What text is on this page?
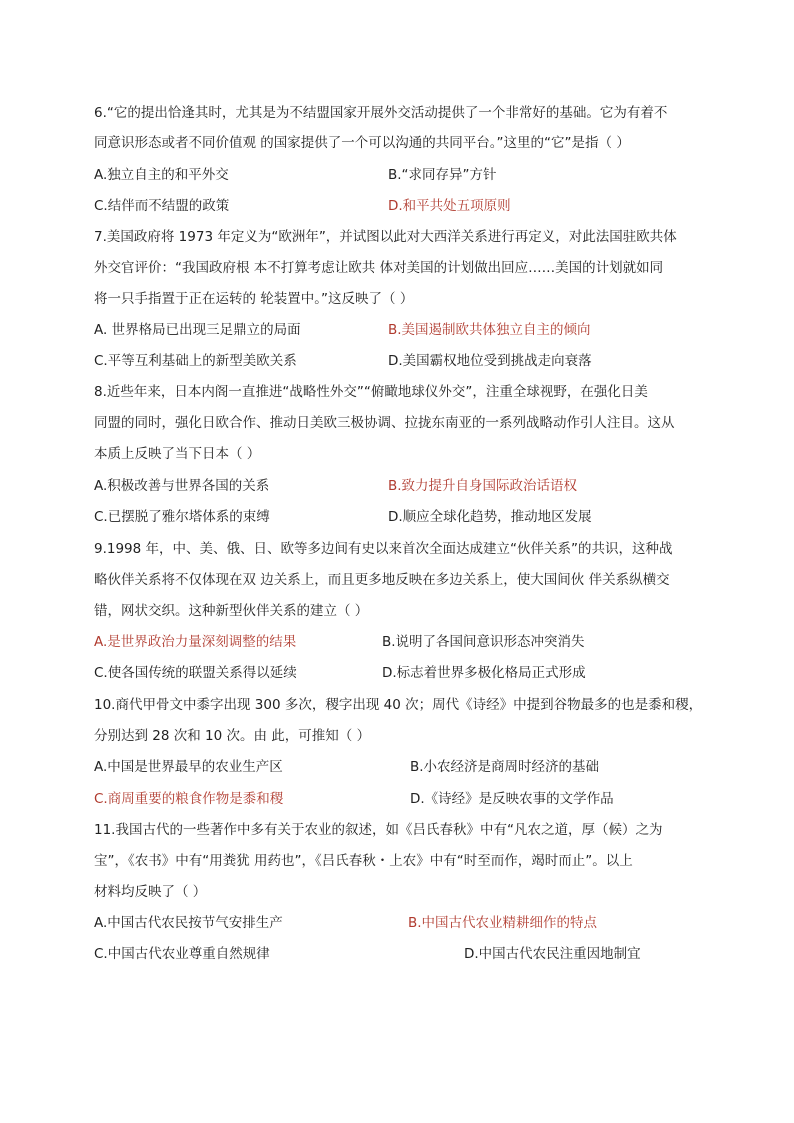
6.“它的提出恰逢其时，尤其是为不结盟国家开展外交活动提供了一个非常好的基础。它为有着不
同意识形态或者不同价值观 的国家提供了一个可以沟通的共同平台。”这里的“它”是指（ ）
A.独立自主的和平外交	B.“求同存异”方针
C.结伴而不结盟的政策	D.和平共处五项原则
7.美国政府将 1973 年定义为“欧洲年”，并试图以此对大西洋关系进行再定义，对此法国驻欧共体
外交官评价：“我国政府根 本不打算考虑让欧共 体对美国的计划做出回应……美国的计划就如同
将一只手指置于正在运转的 轮装置中。”这反映了（ ）
A. 世界格局已出现三足鼎立的局面	B.美国遏制欧共体独立自主的倾向
C.平等互利基础上的新型美欧关系	D.美国霸权地位受到挑战走向衰落
8.近些年来，日本内阁一直推进“战略性外交”“俯瞰地球仪外交”，注重全球视野，在强化日美
同盟的同时，强化日欧合作、推动日美欧三极协调、拉拢东南亚的一系列战略动作引人注目。这从
本质上反映了当下日本（ ）
A.积极改善与世界各国的关系	B.致力提升自身国际政治话语权
C.已摆脱了雅尔塔体系的束缚	D.顺应全球化趋势，推动地区发展
9.1998 年，中、美、俄、日、欧等多边间有史以来首次全面达成建立“伙伴关系”的共识，这种战
略伙伴关系将不仅体现在双 边关系上，而且更多地反映在多边关系上，使大国间伙 伴关系纵横交
错，网状交织。这种新型伙伴关系的建立（ ）
A.是世界政治力量深刻调整的结果	B.说明了各国间意识形态冲突消失
C.使各国传统的联盟关系得以延续	D.标志着世界多极化格局正式形成
10.商代甲骨文中黍字出现 300 多次，稷字出现 40 次；周代《诗经》中提到谷物最多的也是黍和稷，
分别达到 28 次和 10 次。由 此，可推知（ ）
A.中国是世界最早的农业生产区	B.小农经济是商周时经济的基础
C.商周重要的粮食作物是黍和稷	D.《诗经》是反映农事的文学作品
11.我国古代的一些著作中多有关于农业的叙述，如《吕氏春秋》中有“凡农之道，厚（候）之为
宝”，《农书》中有“用粪犹 用药也”，《吕氏春秋・上农》中有“时至而作，竭时而止”。以上
材料均反映了（ ）
A.中国古代农民按节气安排生产	B.中国古代农业精耕细作的特点
C.中国古代农业尊重自然规律	D.中国古代农民注重因地制宜
